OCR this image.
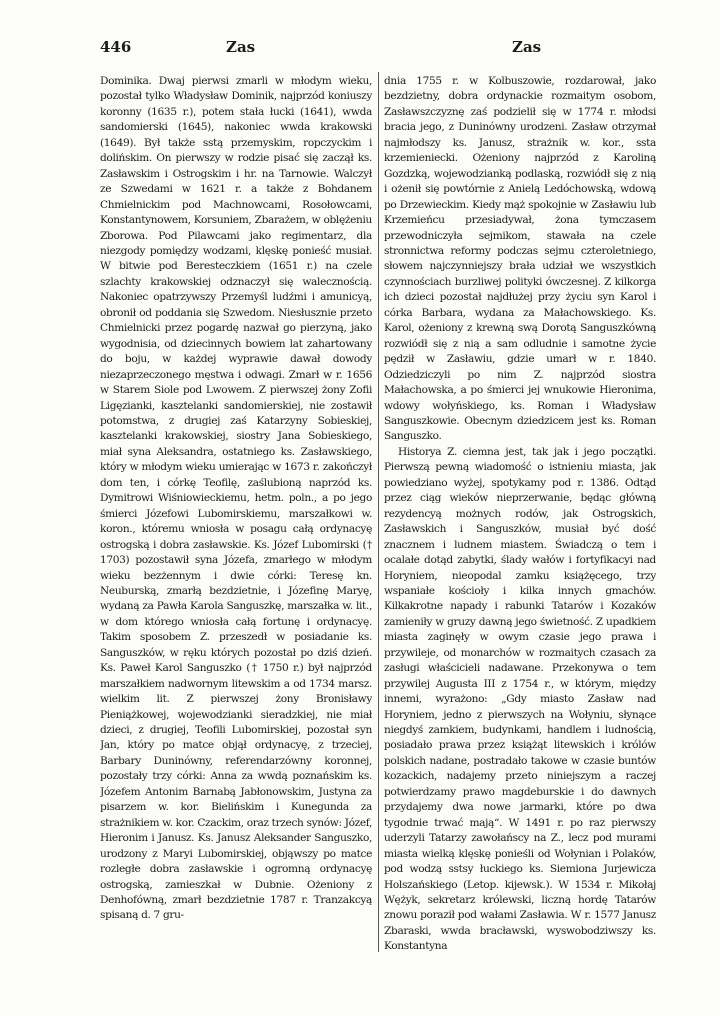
446	Zas	Zas

Dominika. Dwaj pierwsi zmarli w młodym wieku, pozostał tylko Władysław Dominik, najprzód koniuszy koronny (1635 r.), potem stała łucki (1641), wwda sandomierski (1645), nakoniec wwda krakowski (1649). Był także sstą przemyskim, ropczyckim i dolińskim. On pierwszy w rodzie pisać się zaczął ks. Zasławskim i Ostrogskim i hr. na Tarnowie. Walczył ze Szwedami w 1621 r. a także z Bohdanem Chmielnickim pod Machnowcami, Rosołowcami, Konstantynowem, Korsuniem, Zbarażem, w oblężeniu Zborowa. Pod Pilawcami jako regimentarz, dla niezgody pomiędzy wodzami, klęskę ponieść musiał. W bitwie pod Beresteczkiem (1651 r.) na czele szlachty krakowskiej odznaczył się walecznością. Nakoniec opatrzywszy Przemyśl ludźmi i amunicyą, obronił od poddania się Szwedom. Niesłusznie przeto Chmielnicki przez pogardę nazwał go pierzyną, jako wygodnisia, od dziecinnych bowiem lat zahartowany do boju, w każdej wyprawie dawał dowody niezaprzeczonego męstwa i odwagi. Zmarł w r. 1656 w Starem Siole pod Lwowem. Z pierwszej żony Zofii Ligęzianki, kasztelanki sandomierskiej, nie zostawił potomstwa, z drugiej zaś Katarzyny Sobieskiej, kasztelanki krakowskiej, siostry Jana Sobieskiego, miał syna Aleksandra, ostatniego ks. Zasławskiego, który w młodym wieku umierając w 1673 r. zakończył dom ten, i córkę Teofilę, zaślubioną naprzód ks. Dymitrowi Wiśniowieckiemu, hetm. poln., a po jego śmierci Józefowi Lubomirskiemu, marszałkowi w. koron., któremu wniosła w posagu całą ordynacyę ostrogską i dobra zasławskie. Ks. Józef Lubomirski († 1703) pozostawił syna Józefa, zmarłego w młodym wieku bezżennym i dwie córki: Teresę kn. Neuburską, zmarłą bezdzietnie, i Józefinę Maryę, wydaną za Pawła Karola Sanguszkę, marszałka w. lit., w dom którego wniosła całą fortunę i ordynacyę. Takim sposobem Z. przeszedł w posiadanie ks. Sanguszków, w ręku których pozostał po dziś dzień. Ks. Paweł Karol Sanguszko († 1750 r.) był najprzód marszałkiem nadwornym litewskim a od 1734 marsz. wielkim lit. Z pierwszej żony Bronisławy Pieniążkowej, wojewodzianki sieradzkiej, nie miał dzieci, z drugiej, Teofili Lubomirskiej, pozostał syn Jan, który po matce objął ordynacyę, z trzeciej, Barbary Duninówny, referendarzówny koronnej, pozostały trzy córki: Anna za wwdą poznańskim ks. Józefem Antonim Barnabą Jabłonowskim, Justyna za pisarzem w. kor. Bielińskim i Kunegunda za strażnikiem w. kor. Czackim, oraz trzech synów: Józef, Hieronim i Janusz. Ks. Janusz Aleksander Sanguszko, urodzony z Maryi Lubomirskiej, objąwszy po matce rozległe dobra zasławskie i ogromną ordynacyę ostrogską, zamieszkał w Dubnie. Ożeniony z Denhofówną, zmarł bezdzietnie 1787 r. Tranzakcyą spisaną d. 7 gru-

dnia 1755 r. w Kolbuszowie, rozdarował, jako bezdzietny, dobra ordynackie rozmaitym osobom, Zasławszczyznę zaś podzielił się w 1774 r. młodsi bracia jego, z Duninówny urodzeni. Zasław otrzymał najmłodszy ks. Janusz, strażnik w. kor., ssta krzemieniecki. Ożeniony najprzód z Karoliną Gozdzką, wojewodzianką podlaską, rozwiódł się z nią i ożenił się powtórnie z Anielą Ledóchowską, wdową po Drzewieckim. Kiedy mąż spokojnie w Zasławiu lub Krzemieńcu przesiadywał, żona tymczasem przewodniczyła sejmikom, stawała na czele stronnictwa reformy podczas sejmu czteroletniego, słowem najczynniejszy brała udział we wszystkich czynnościach burzliwej polityki ówczesnej. Z kilkorga ich dzieci pozostał najdłużej przy życiu syn Karol i córka Barbara, wydana za Małachowskiego. Ks. Karol, ożeniony z krewną swą Dorotą Sanguszkówną rozwiódł się z nią a sam odludnie i samotne życie pędził w Zasławiu, gdzie umarł w r. 1840. Odziedziczyli po nim Z. najprzód siostra Małachowska, a po śmierci jej wnukowie Hieronima, wdowy wołyńskiego, ks. Roman i Władysław Sanguszkowie. Obecnym dziedzicem jest ks. Roman Sanguszko.

Historya Z. ciemna jest, tak jak i jego początki. Pierwszą pewną wiadomość o istnieniu miasta, jak powiedziano wyżej, spotykamy pod r. 1386. Odtąd przez ciąg wieków nieprzerwanie, będąc główną rezydencyą możnych rodów, jak Ostrogskich, Zasławskich i Sanguszków, musiał być dość znacznem i ludnem miastem. Świadczą o tem i ocalałe dotąd zabytki, ślady wałów i fortyfikacyi nad Horyniem, nieopodal zamku książęcego, trzy wspaniałe kościoły i kilka innych gmachów. Kilkakrotne napady i rabunki Tatarów i Kozaków zamieniły w gruzy dawną jego świetność. Z upadkiem miasta zaginęły w owym czasie jego prawa i przywileje, od monarchów w rozmaitych czasach za zasługi właścicieli nadawane. Przekonywa o tem przywilej Augusta III z 1754 r., w którym, między innemi, wyrażono: „Gdy miasto Zasław nad Horyniem, jedno z pierwszych na Wołyniu, słynące niegdyś zamkiem, budynkami, handlem i ludnością, posiadało prawa przez książąt litewskich i królów polskich nadane, postradało takowe w czasie buntów kozackich, nadajemy przeto niniejszym a raczej potwierdzamy prawo magdeburskie i do dawnych przydajemy dwa nowe jarmarki, które po dwa tygodnie trwać mają“. W 1491 r. po raz pierwszy uderzyli Tatarzy zawołańscy na Z., lecz pod murami miasta wielką klęskę ponieśli od Wołynian i Polaków, pod wodzą sstsy łuckiego ks. Siemiona Jurjewicza Holszańskiego (Letop. kijewsk.). W 1534 r. Mikołaj Wężyk, sekretarz królewski, liczną hordę Tatarów znowu poraził pod wałami Zasławia. W r. 1577 Janusz Zbaraski, wwda bracławski, wyswobodziwszy ks. Konstantyna
